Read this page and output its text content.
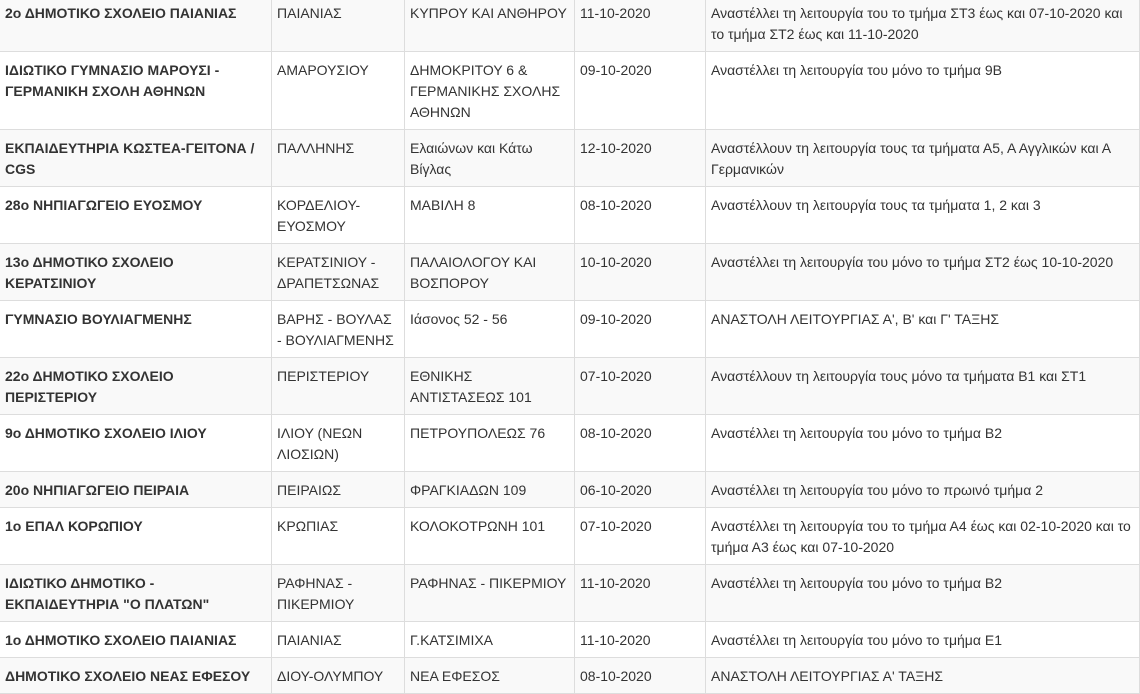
2ο ΔΗΜΟΤΙΚΟ ΣΧΟΛΕΙΟ ΠΑΙΑΝΙΑΣ	ΠΑΙΑΝΙΑΣ	ΚΥΠΡΟΥ ΚΑΙ ΑΝΘΗΡΟΥ	11-10-2020	Αναστέλλει τη λειτουργία του το τμήμα ΣΤ3 έως και 07-10-2020 και το τμήμα ΣΤ2 έως και 11-10-2020
ΙΔΙΩΤΙΚΟ ΓΥΜΝΑΣΙΟ ΜΑΡΟΥΣΙ - ΓΕΡΜΑΝΙΚΗ ΣΧΟΛΗ ΑΘΗΝΩΝ	ΑΜΑΡΟΥΣΙΟΥ	ΔΗΜΟΚΡΙΤΟΥ 6 & ΓΕΡΜΑΝΙΚΗΣ ΣΧΟΛΗΣ ΑΘΗΝΩΝ	09-10-2020	Αναστέλλει τη λειτουργία του μόνο το τμήμα 9Β
ΕΚΠΑΙΔΕΥΤΗΡΙΑ ΚΩΣΤΕΑ-ΓΕΙΤΟΝΑ / CGS	ΠΑΛΛΗΝΗΣ	Ελαιώνων και Κάτω Βίγλας	12-10-2020	Αναστέλλουν τη λειτουργία τους τα τμήματα Α5, Α Αγγλικών και Α Γερμανικών
28ο ΝΗΠΙΑΓΩΓΕΙΟ ΕΥΟΣΜΟΥ	ΚΟΡΔΕΛΙΟΥ-ΕΥΟΣΜΟΥ	ΜΑΒΙΛΗ 8	08-10-2020	Αναστέλλουν τη λειτουργία τους τα τμήματα 1, 2 και 3
13ο ΔΗΜΟΤΙΚΟ ΣΧΟΛΕΙΟ ΚΕΡΑΤΣΙΝΙΟΥ	ΚΕΡΑΤΣΙΝΙΟΥ - ΔΡΑΠΕΤΣΩΝΑΣ	ΠΑΛΑΙΟΛΟΓΟΥ ΚΑΙ ΒΟΣΠΟΡΟΥ	10-10-2020	Αναστέλλει τη λειτουργία του μόνο το τμήμα ΣΤ2 έως 10-10-2020
ΓΥΜΝΑΣΙΟ ΒΟΥΛΙΑΓΜΕΝΗΣ	ΒΑΡΗΣ - ΒΟΥΛΑΣ - ΒΟΥΛΙΑΓΜΕΝΗΣ	Ιάσονος 52 - 56	09-10-2020	ΑΝΑΣΤΟΛΗ ΛΕΙΤΟΥΡΓΙΑΣ Α', Β' και Γ' ΤΑΞΗΣ
22ο ΔΗΜΟΤΙΚΟ ΣΧΟΛΕΙΟ ΠΕΡΙΣΤΕΡΙΟΥ	ΠΕΡΙΣΤΕΡΙΟΥ	ΕΘΝΙΚΗΣ ΑΝΤΙΣΤΑΣΕΩΣ 101	07-10-2020	Αναστέλλουν τη λειτουργία τους μόνο τα τμήματα Β1 και ΣΤ1
9ο ΔΗΜΟΤΙΚΟ ΣΧΟΛΕΙΟ ΙΛΙΟΥ	ΙΛΙΟΥ (ΝΕΩΝ ΛΙΟΣΙΩΝ)	ΠΕΤΡΟΥΠΟΛΕΩΣ 76	08-10-2020	Αναστέλλει τη λειτουργία του μόνο το τμήμα Β2
20ο ΝΗΠΙΑΓΩΓΕΙΟ ΠΕΙΡΑΙΑ	ΠΕΙΡΑΙΩΣ	ΦΡΑΓΚΙΑΔΩΝ 109	06-10-2020	Αναστέλλει τη λειτουργία του μόνο το πρωινό τμήμα 2
1ο ΕΠΑΛ ΚΟΡΩΠΙΟΥ	ΚΡΩΠΙΑΣ	ΚΟΛΟΚΟΤΡΩΝΗ 101	07-10-2020	Αναστέλλει τη λειτουργία του το τμήμα Α4 έως και 02-10-2020 και το τμήμα Α3 έως και 07-10-2020
ΙΔΙΩΤΙΚΟ ΔΗΜΟΤΙΚΟ - ΕΚΠΑΙΔΕΥΤΗΡΙΑ "Ο ΠΛΑΤΩΝ"	ΡΑΦΗΝΑΣ - ΠΙΚΕΡΜΙΟΥ	ΡΑΦΗΝΑΣ - ΠΙΚΕΡΜΙΟΥ	11-10-2020	Αναστέλλει τη λειτουργία του μόνο το τμήμα Β2
1ο ΔΗΜΟΤΙΚΟ ΣΧΟΛΕΙΟ ΠΑΙΑΝΙΑΣ	ΠΑΙΑΝΙΑΣ	Γ.ΚΑΤΣΙΜΙΧΑ	11-10-2020	Αναστέλλει τη λειτουργία του μόνο το τμήμα Ε1
ΔΗΜΟΤΙΚΟ ΣΧΟΛΕΙΟ ΝΕΑΣ ΕΦΕΣΟΥ	ΔΙΟΥ-ΟΛΥΜΠΟΥ	ΝΕΑ ΕΦΕΣΟΣ	08-10-2020	ΑΝΑΣΤΟΛΗ ΛΕΙΤΟΥΡΓΙΑΣ Α' ΤΑΞΗΣ
